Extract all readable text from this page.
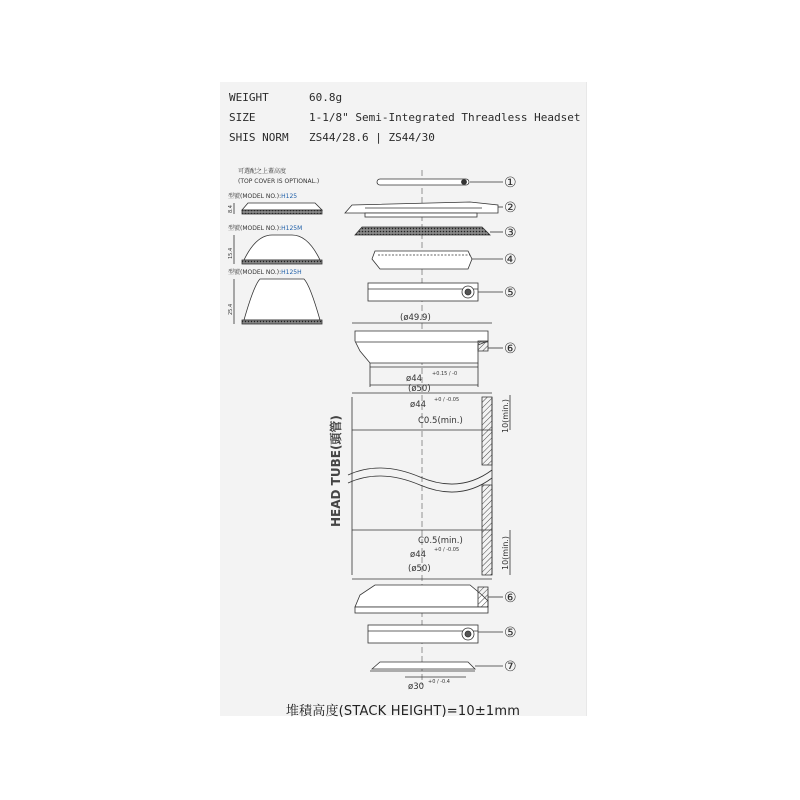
WEIGHT	60.8g
SIZE	1-1/8" Semi-Integrated Threadless Headset
SHIS NORM ZS44/28.6 | ZS44/30
可選配之上蓋高度
(TOP COVER IS OPTIONAL.)
型號(MODEL NO.):H125
型號(MODEL NO.):H125M
型號(MODEL NO.):H125H
8.4
15.4
25.4
(ø49.9)
ø44 +0.15 / -0
(ø50)
ø44 +0 / -0.05
C0.5(min.)
C0.5(min.)
ø44 +0 / -0.05
(ø50)
10(min.)
10(min.)
ø30 +0 / -0.4
HEAD TUBE(頭管)
①
②
③
④
⑤
⑥
⑥
⑤
⑦
堆積高度(STACK HEIGHT)=10±1mm
